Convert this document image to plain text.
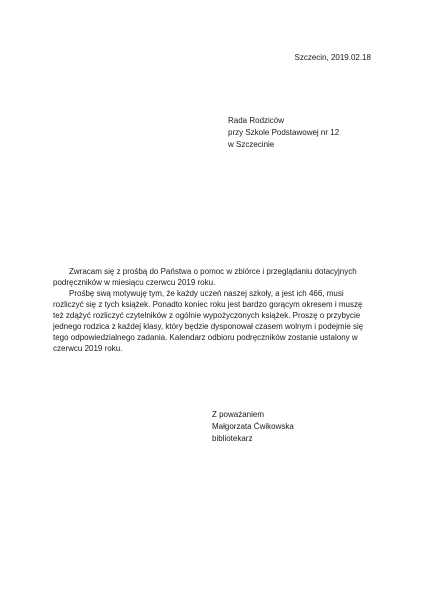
Szczecin, 2019.02.18
Rada Rodziców
przy Szkole Podstawowej nr 12
w Szczecinie

Zwracam się z prośbą do Państwa o pomoc w zbiórce i przeglądaniu dotacyjnych podręczników w miesiącu czerwcu 2019 roku.

Prośbę swą motywuję tym, że każdy uczeń naszej szkoły, a jest ich 466, musi rozliczyć się z tych książek. Ponadto koniec roku jest bardzo gorącym okresem i muszę też zdążyć rozliczyć czytelników z ogólnie wypożyczonych książek. Proszę o przybycie jednego rodzica z każdej klasy, który będzie dysponował czasem wolnym i podejmie się tego odpowiedzialnego zadania. Kalendarz odbioru podręczników zostanie ustalony w czerwcu 2019 roku.

Z poważaniem
Małgorzata Ćwikowska
bibliotekarz
